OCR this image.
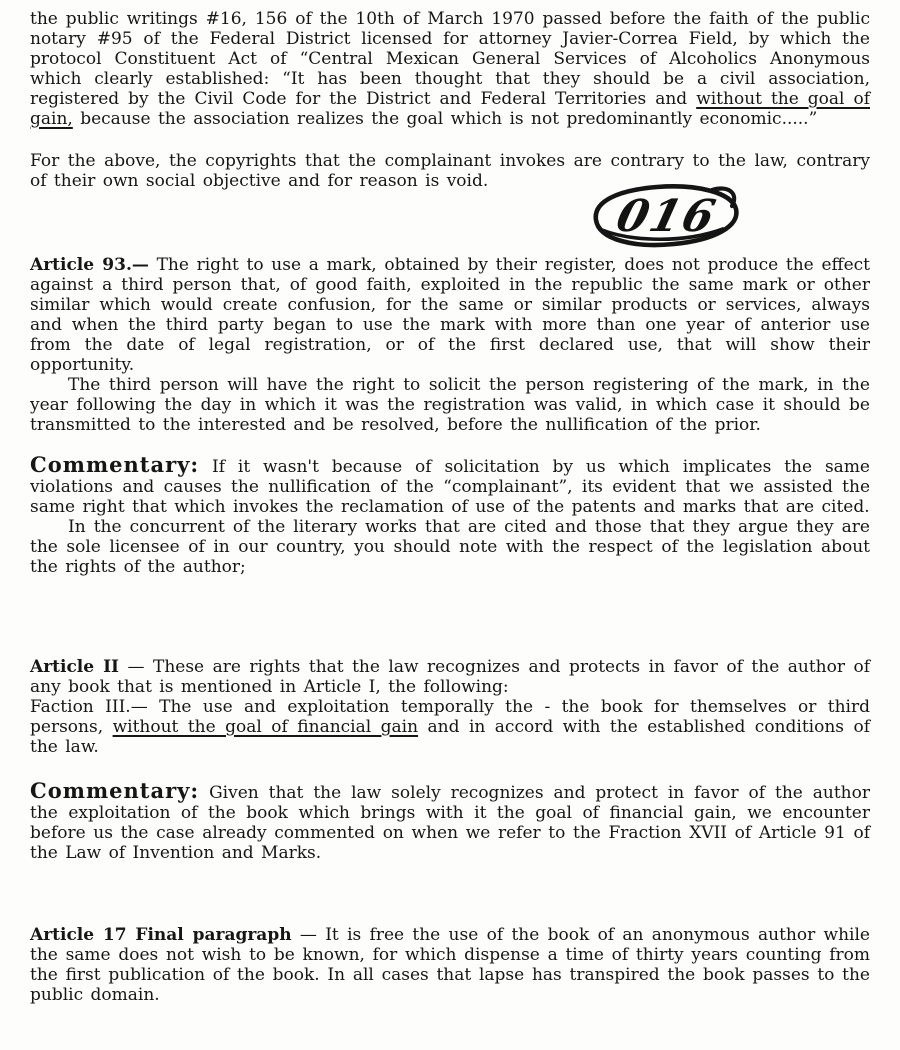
the public writings #16, 156 of the 10th of March 1970 passed before the faith of the public notary #95 of the Federal District licensed for attorney Javier-Correa Field, by which the protocol Constituent Act of “Central Mexican General Services of Alcoholics Anonymous which clearly established: “It has been thought that they should be a civil association, registered by the Civil Code for the District and Federal Territories and without the goal of gain, because the association realizes the goal which is not predominantly economic.....”

For the above, the copyrights that the complainant invokes are contrary to the law, contrary of their own social objective and for reason is void.

016

Article 93.— The right to use a mark, obtained by their register, does not produce the effect against a third person that, of good faith, exploited in the republic the same mark or other similar which would create confusion, for the same or similar products or services, always and when the third party began to use the mark with more than one year of anterior use from the date of legal registration, or of the first declared use, that will show their opportunity.

The third person will have the right to solicit the person registering of the mark, in the year following the day in which it was the registration was valid, in which case it should be transmitted to the interested and be resolved, before the nullification of the prior.

Commentary: If it wasn't because of solicitation by us which implicates the same violations and causes the nullification of the “complainant”, its evident that we assisted the same right that which invokes the reclamation of use of the patents and marks that are cited.

In the concurrent of the literary works that are cited and those that they argue they are the sole licensee of in our country, you should note with the respect of the legislation about the rights of the author;

Article II — These are rights that the law recognizes and protects in favor of the author of any book that is mentioned in Article I, the following:

Faction III.— The use and exploitation temporally the - the book for themselves or third persons, without the goal of financial gain and in accord with the established conditions of the law.

Commentary: Given that the law solely recognizes and protect in favor of the author the exploitation of the book which brings with it the goal of financial gain, we encounter before us the case already commented on when we refer to the Fraction XVII of Article 91 of the Law of Invention and Marks.

Article 17 Final paragraph — It is free the use of the book of an anonymous author while the same does not wish to be known, for which dispense a time of thirty years counting from the first publication of the book. In all cases that lapse has transpired the book passes to the public domain.
